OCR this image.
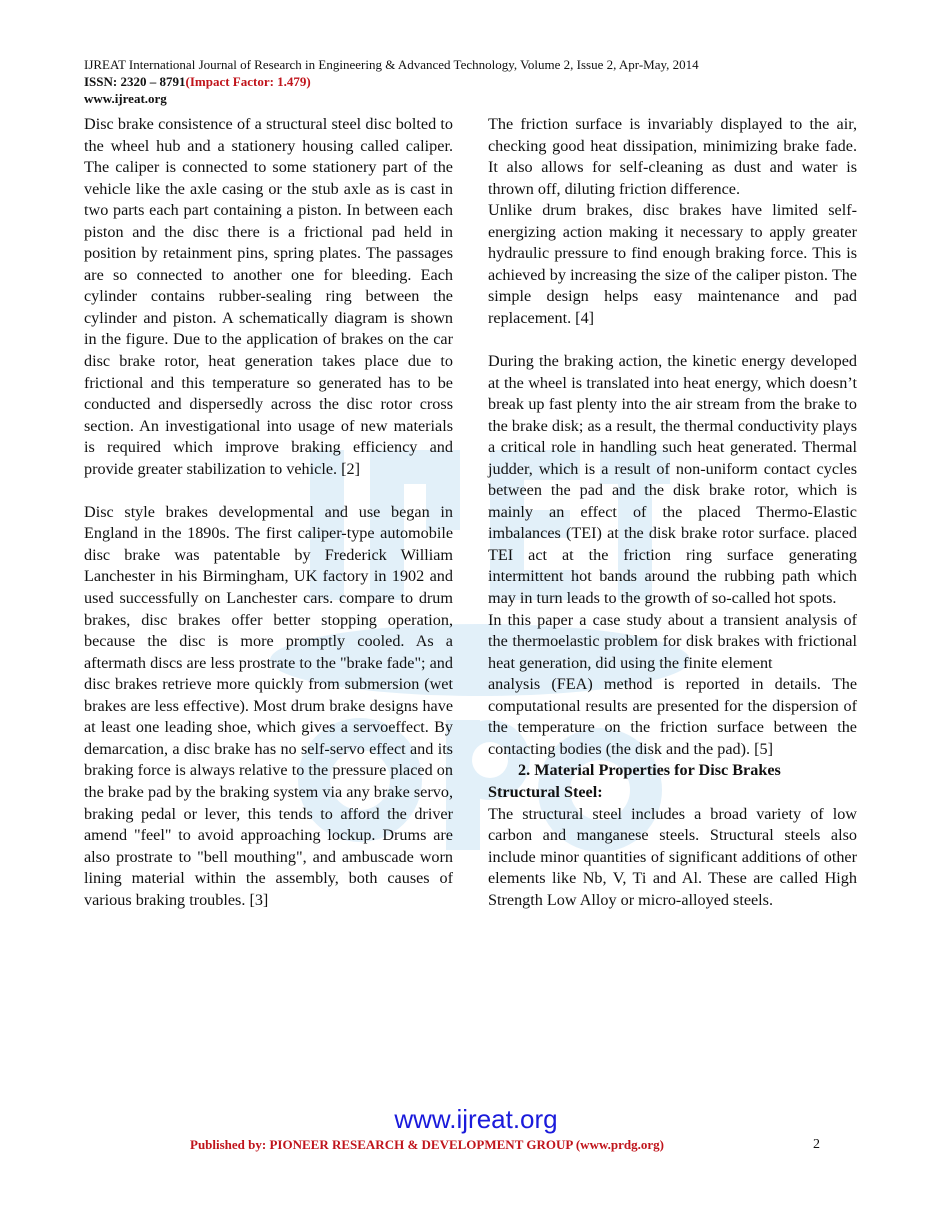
IJREAT International Journal of Research in Engineering & Advanced Technology, Volume 2, Issue 2, Apr-May, 2014
ISSN: 2320 – 8791(Impact Factor: 1.479)
www.ijreat.org

Disc brake consistence of a structural steel disc bolted to the wheel hub and a stationery housing called caliper. The caliper is connected to some stationery part of the vehicle like the axle casing or the stub axle as is cast in two parts each part containing a piston. In between each piston and the disc there is a frictional pad held in position by retainment pins, spring plates. The passages are so connected to another one for bleeding. Each cylinder contains rubber-sealing ring between the cylinder and piston. A schematically diagram is shown in the figure. Due to the application of brakes on the car disc brake rotor, heat generation takes place due to frictional and this temperature so generated has to be conducted and dispersedly across the disc rotor cross section. An investigational into usage of new materials is required which improve braking efficiency and provide greater stabilization to vehicle. [2]

Disc style brakes developmental and use began in England in the 1890s. The first caliper-type automobile disc brake was patentable by Frederick William Lanchester in his Birmingham, UK factory in 1902 and used successfully on Lanchester cars. compare to drum brakes, disc brakes offer better stopping operation, because the disc is more promptly cooled. As a aftermath discs are less prostrate to the "brake fade"; and disc brakes retrieve more quickly from submersion (wet brakes are less effective). Most drum brake designs have at least one leading shoe, which gives a servoeffect. By demarcation, a disc brake has no self-servo effect and its braking force is always relative to the pressure placed on the brake pad by the braking system via any brake servo, braking pedal or lever, this tends to afford the driver amend "feel" to avoid approaching lockup. Drums are also prostrate to "bell mouthing", and ambuscade worn lining material within the assembly, both causes of various braking troubles. [3]

The friction surface is invariably displayed to the air, checking good heat dissipation, minimizing brake fade. It also allows for self-cleaning as dust and water is thrown off, diluting friction difference.

Unlike drum brakes, disc brakes have limited self-energizing action making it necessary to apply greater hydraulic pressure to find enough braking force. This is achieved by increasing the size of the caliper piston. The simple design helps easy maintenance and pad replacement. [4]

During the braking action, the kinetic energy developed at the wheel is translated into heat energy, which doesn’t break up fast plenty into the air stream from the brake to the brake disk; as a result, the thermal conductivity plays a critical role in handling such heat generated. Thermal judder, which is a result of non-uniform contact cycles between the pad and the disk brake rotor, which is mainly an effect of the placed Thermo-Elastic imbalances (TEI) at the disk brake rotor surface. placed TEI act at the friction ring surface generating intermittent hot bands around the rubbing path which may in turn leads to the growth of so-called hot spots.

In this paper a case study about a transient analysis of the thermoelastic problem for disk brakes with frictional heat generation, did using the finite element

analysis (FEA) method is reported in details. The computational results are presented for the dispersion of the temperature on the friction surface between the contacting bodies (the disk and the pad). [5]

2. Material Properties for Disc Brakes

Structural Steel:

The structural steel includes a broad variety of low carbon and manganese steels. Structural steels also include minor quantities of significant additions of other elements like Nb, V, Ti and Al. These are called High Strength Low Alloy or micro-alloyed steels.

www.ijreat.org
Published by: PIONEER RESEARCH & DEVELOPMENT GROUP (www.prdg.org)	2
